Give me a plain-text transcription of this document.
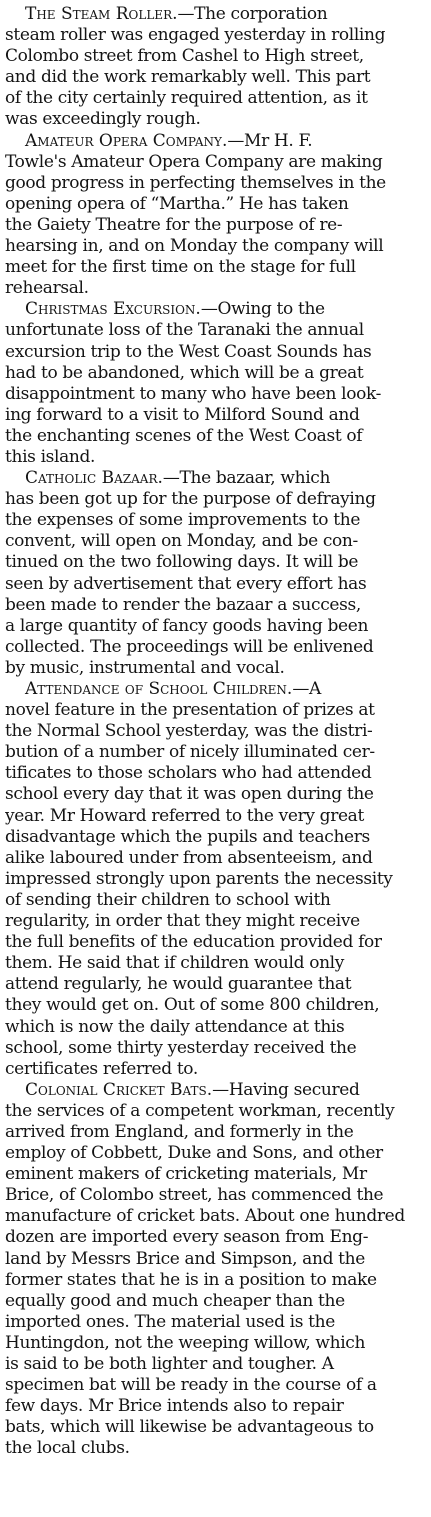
The Steam Roller.—The corporation
steam roller was engaged yesterday in rolling
Colombo street from Cashel to High street,
and did the work remarkably well. This part
of the city certainly required attention, as it
was exceedingly rough.

Amateur Opera Company.—Mr H. F.
Towle's Amateur Opera Company are making
good progress in perfecting themselves in the
opening opera of “Martha.” He has taken
the Gaiety Theatre for the purpose of re-
hearsing in, and on Monday the company will
meet for the first time on the stage for full
rehearsal.

Christmas Excursion.—Owing to the
unfortunate loss of the Taranaki the annual
excursion trip to the West Coast Sounds has
had to be abandoned, which will be a great
disappointment to many who have been look-
ing forward to a visit to Milford Sound and
the enchanting scenes of the West Coast of
this island.

Catholic Bazaar.—The bazaar, which
has been got up for the purpose of defraying
the expenses of some improvements to the
convent, will open on Monday, and be con-
tinued on the two following days. It will be
seen by advertisement that every effort has
been made to render the bazaar a success,
a large quantity of fancy goods having been
collected. The proceedings will be enlivened
by music, instrumental and vocal.

Attendance of School Children.—A
novel feature in the presentation of prizes at
the Normal School yesterday, was the distri-
bution of a number of nicely illuminated cer-
tificates to those scholars who had attended
school every day that it was open during the
year. Mr Howard referred to the very great
disadvantage which the pupils and teachers
alike laboured under from absenteeism, and
impressed strongly upon parents the necessity
of sending their children to school with
regularity, in order that they might receive
the full benefits of the education provided for
them. He said that if children would only
attend regularly, he would guarantee that
they would get on. Out of some 800 children,
which is now the daily attendance at this
school, some thirty yesterday received the
certificates referred to.

Colonial Cricket Bats.—Having secured
the services of a competent workman, recently
arrived from England, and formerly in the
employ of Cobbett, Duke and Sons, and other
eminent makers of cricketing materials, Mr
Brice, of Colombo street, has commenced the
manufacture of cricket bats. About one hundred
dozen are imported every season from Eng-
land by Messrs Brice and Simpson, and the
former states that he is in a position to make
equally good and much cheaper than the
imported ones. The material used is the
Huntingdon, not the weeping willow, which
is said to be both lighter and tougher. A
specimen bat will be ready in the course of a
few days. Mr Brice intends also to repair
bats, which will likewise be advantageous to
the local clubs.
